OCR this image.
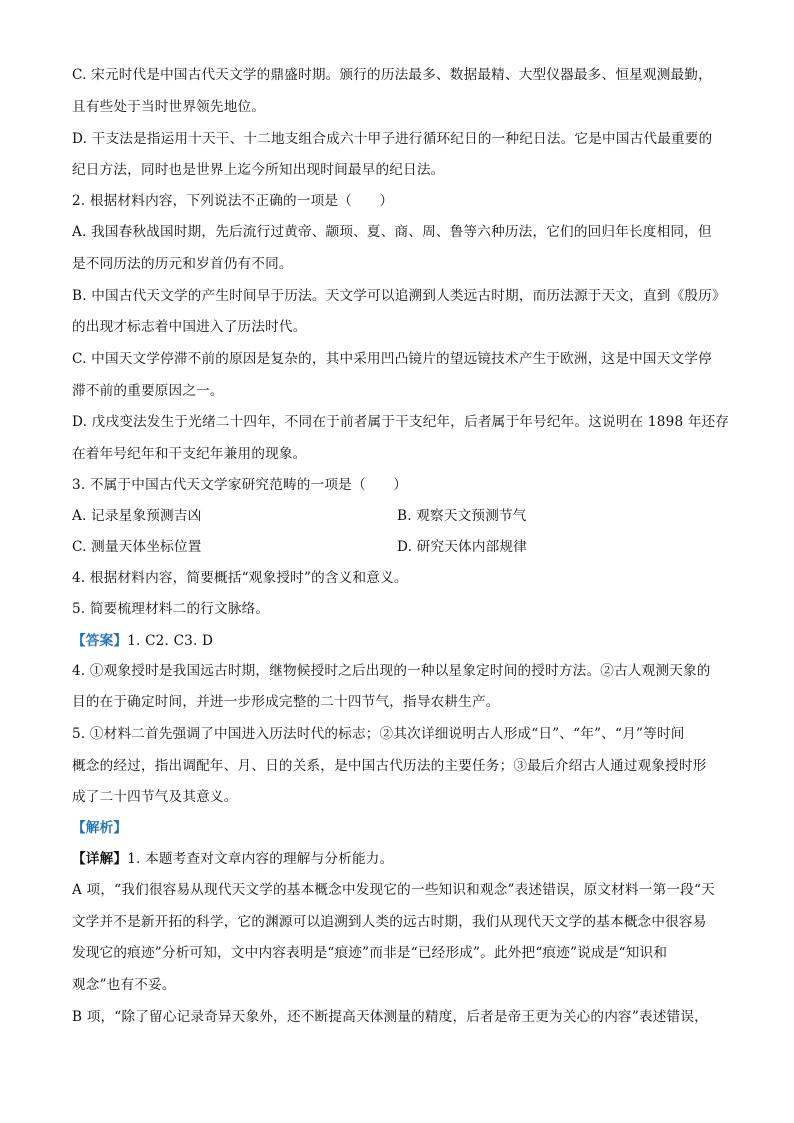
C. 宋元时代是中国古代天文学的鼎盛时期。颁行的历法最多、数据最精、大型仪器最多、恒星观测最勤，
且有些处于当时世界领先地位。
D. 干支法是指运用十天干、十二地支组合成六十甲子进行循环纪日的一种纪日法。它是中国古代最重要的
纪日方法，同时也是世界上迄今所知出现时间最早的纪日法。
2. 根据材料内容，下列说法不正确的一项是（　　）
A. 我国春秋战国时期，先后流行过黄帝、颛顼、夏、商、周、鲁等六种历法，它们的回归年长度相同，但
是不同历法的历元和岁首仍有不同。
B. 中国古代天文学的产生时间早于历法。天文学可以追溯到人类远古时期，而历法源于天文，直到《殷历》
的出现才标志着中国进入了历法时代。
C. 中国天文学停滞不前的原因是复杂的，其中采用凹凸镜片的望远镜技术产生于欧洲，这是中国天文学停
滞不前的重要原因之一。
D. 戊戌变法发生于光绪二十四年，不同在于前者属于干支纪年，后者属于年号纪年。这说明在 1898 年还存
在着年号纪年和干支纪年兼用的现象。
3. 不属于中国古代天文学家研究范畴的一项是（　　）
A. 记录星象预测吉凶	B. 观察天文预测节气
C. 测量天体坐标位置	D. 研究天体内部规律
4. 根据材料内容，简要概括“观象授时”的含义和意义。
5. 简要梳理材料二的行文脉络。
【答案】1. C2. C3. D
4. ①观象授时是我国远古时期，继物候授时之后出现的一种以星象定时间的授时方法。②古人观测天象的
目的在于确定时间，并进一步形成完整的二十四节气，指导农耕生产。
5. ①材料二首先强调了中国进入历法时代的标志；②其次详细说明古人形成“日”、“年”、“月”等时间
概念的经过，指出调配年、月、日的关系，是中国古代历法的主要任务；③最后介绍古人通过观象授时形
成了二十四节气及其意义。
【解析】
【详解】1. 本题考查对文章内容的理解与分析能力。
A 项，“我们很容易从现代天文学的基本概念中发现它的一些知识和观念”表述错误，原文材料一第一段“天
文学并不是新开拓的科学，它的渊源可以追溯到人类的远古时期，我们从现代天文学的基本概念中很容易
发现它的痕迹”分析可知，文中内容表明是“痕迹”而非是“已经形成”。此外把“痕迹”说成是“知识和
观念”也有不妥。
B 项，“除了留心记录奇异天象外，还不断提高天体测量的精度，后者是帝王更为关心的内容”表述错误，
